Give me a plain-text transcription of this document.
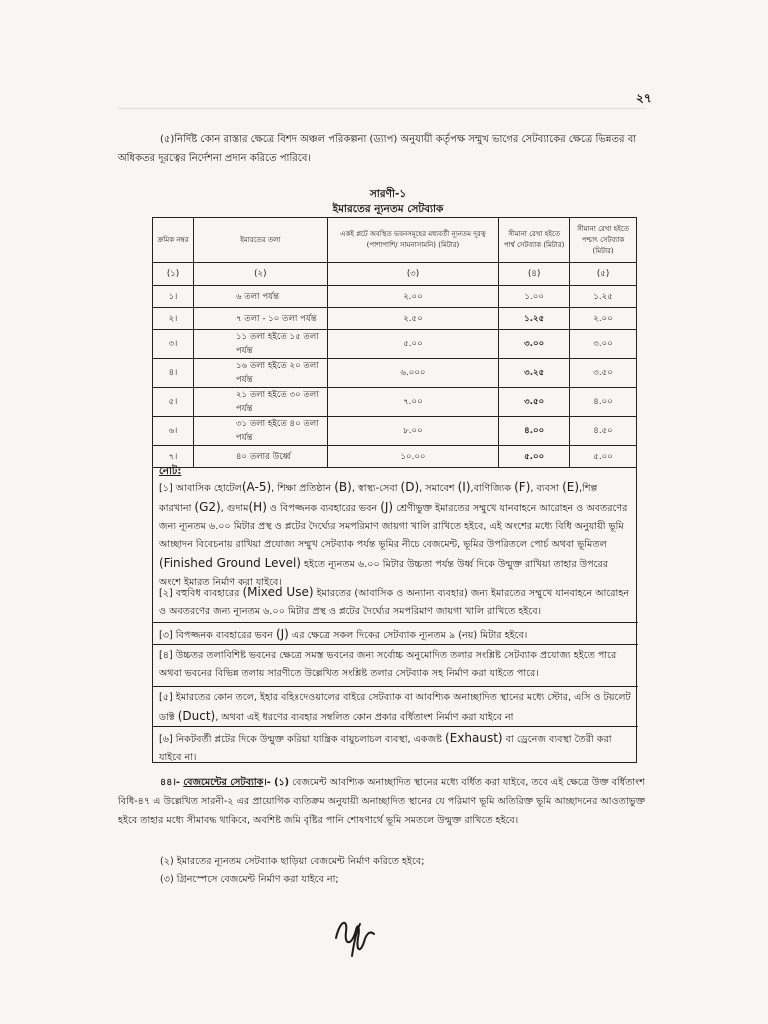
২৭
(৫)নির্দিষ্ট কোন রাস্তার ক্ষেত্রে বিশদ অঞ্চল পরিকল্পনা (ড্যাপ) অনুযায়ী কর্তৃপক্ষ সম্মুখ ভাগের সেটব্যাকের ক্ষেত্রে ভিন্নতর বা অধিকতর দূরত্বের নির্দেশনা প্রদান করিতে পারিবে।
সারণী-১
ইমারতের ন্যূনতম সেটব্যাক
ক্রমিক নম্বর	ইমারতের তলা	একই প্লটে অবস্থিত ভবনসমূহের মধ্যবর্তী ন্যূনতম দূরত্ব (পাশাপাশি/ সামনাসামনি) (মিটার)	সীমানা রেখা হইতে পার্শ্ব সেটব্যাক (মিটার)	সীমানা রেখা হইতে পশ্চাৎ সেটব্যাক (মিটার)
(১)	(২)	(৩)	(৪)	(৫)
১।	৬ তলা পর্যন্ত	২.০০	১.০০	১.২৫
২।	৭ তলা - ১০ তলা পর্যন্ত	২.৫০	১.২৫	২.০০
৩।	১১ তলা হইতে ১৫ তলা পর্যন্ত	৫.০০	৩.০০	৩.০০
৪।	১৬ তলা হইতে ২০ তলা পর্যন্ত	৬.০০০	৩.২৫	৩.৫০
৫।	২১ তলা হইতে ৩০ তলা পর্যন্ত	৭.০০	৩.৫০	৪.০০
৬।	৩১ তলা হইতে ৪০ তলা পর্যন্ত	৮.০০	৪.০০	৪.৫০
৭।	৪০ তলার উর্ধ্বে	১০.০০	৫.০০	৫.০০
নোট:
[১] আবাসিক হোটেল(A-5), শিক্ষা প্রতিষ্ঠান (B), স্বাস্থ্য-সেবা (D), সমাবেশ (I),বাণিজ্যিক (F), ব্যবসা (E),শিল্প কারখানা (G2), গুদাম(H) ও বিপজ্জনক ব্যবহারের ভবন (J) শ্রেণীভুক্ত ইমারতের সম্মুখে যানবাহনে আরোহন ও অবতরণের জন্য ন্যূনতম ৬.০০ মিটার প্রস্থ ও প্লটের দৈর্ঘ্যের সমপরিমাণ জায়গা খালি রাখিতে হইবে, এই অংশের মধ্যে বিধি অনুযায়ী ভূমি আচ্ছাদন বিবেচনায় রাখিয়া প্রযোজ্য সম্মুখ সেটব্যাক পর্যন্ত ভূমির নীচে বেজমেন্ট, ভূমির উপরিতলে পোর্চ অথবা ভূমিতল (Finished Ground Level) হইতে ন্যূনতম ৬.০০ মিটার উচ্চতা পর্যন্ত উর্ধ্ব দিকে উন্মুক্ত রাখিয়া তাহার উপরের অংশে ইমারত নির্মাণ করা যাইবে।
[২] বহুবিধ ব্যবহারের (Mixed Use) ইমারতের (আবাসিক ও অন্যান্য ব্যবহার) জন্য ইমারতের সম্মুখে যানবাহনে আরোহন ও অবতরণের জন্য ন্যূনতম ৬.০০ মিটার প্রস্থ ও প্লটের দৈর্ঘ্যের সমপরিমাণ জায়গা খালি রাখিতে হইবে।
[৩] বিপজ্জনক ব্যবহারের ভবন (J) এর ক্ষেত্রে সকল দিকের সেটব্যাক ন্যূনতম ৯ (নয়) মিটার হইবে।
[৪] উচ্চতর তলাবিশিষ্ট ভবনের ক্ষেত্রে সমস্ত ভবনের জন্য সর্বোচ্চ অনুমোদিত তলার সংশ্লিষ্ট সেটব্যাক প্রযোজ্য হইতে পারে অথবা ভবনের বিভিন্ন তলায় সারণীতে উল্লেখিত সংশ্লিষ্ট তলার সেটব্যাক সহ নির্মাণ করা যাইতে পারে।
[৫] ইমারতের কোন তলে, ইহার বহিঃদেওয়ালের বাইরে সেটব্যাক বা আবশ্যিক অনাচ্ছাদিত স্থানের মধ্যে স্টোর, এসি ও টয়লেট ডাক্ট (Duct), অথবা এই ধরণের ব্যবহার সম্বলিত কোন প্রকার বর্ধিতাংশ নির্মাণ করা যাইবে না
[৬] নিকটবর্তী প্লটের দিকে উন্মুক্ত করিয়া যান্ত্রিক বায়ুচলাচল ব্যবস্থা, একজষ্ট (Exhaust) বা ড্রেনেজ ব্যবস্থা তৈরী করা যাইবে না।
৪৪।- বেজমেন্টের সেটব্যাক।- (১) বেজমেন্ট আবশ্যিক অনাচ্ছাদিত স্থানের মধ্যে বর্ধিত করা যাইবে, তবে এই ক্ষেত্রে উক্ত বর্ধিতাংশ বিধি-৪৭ এ উল্লেখিত সারনী-২ এর প্রায়োগিক ব্যতিক্রম অনুযায়ী অনাচ্ছাদিত স্থানের যে পরিমাণ ভূমি অতিরিক্ত ভূমি আচ্ছাদনের আওতাভুক্ত হইবে তাহার মধ্যে সীমাবদ্ধ থাকিবে, অবশিষ্ট জমি বৃষ্টির পানি শোষণার্থে ভূমি সমতলে উন্মুক্ত রাখিতে হইবে।
(২) ইমারতের ন্যূনতম সেটব্যাক ছাড়িয়া বেজমেন্ট নির্মাণ করিতে হইবে;
(৩) গ্রিনস্পেসে বেজমেন্ট নির্মাণ করা যাইবে না;
